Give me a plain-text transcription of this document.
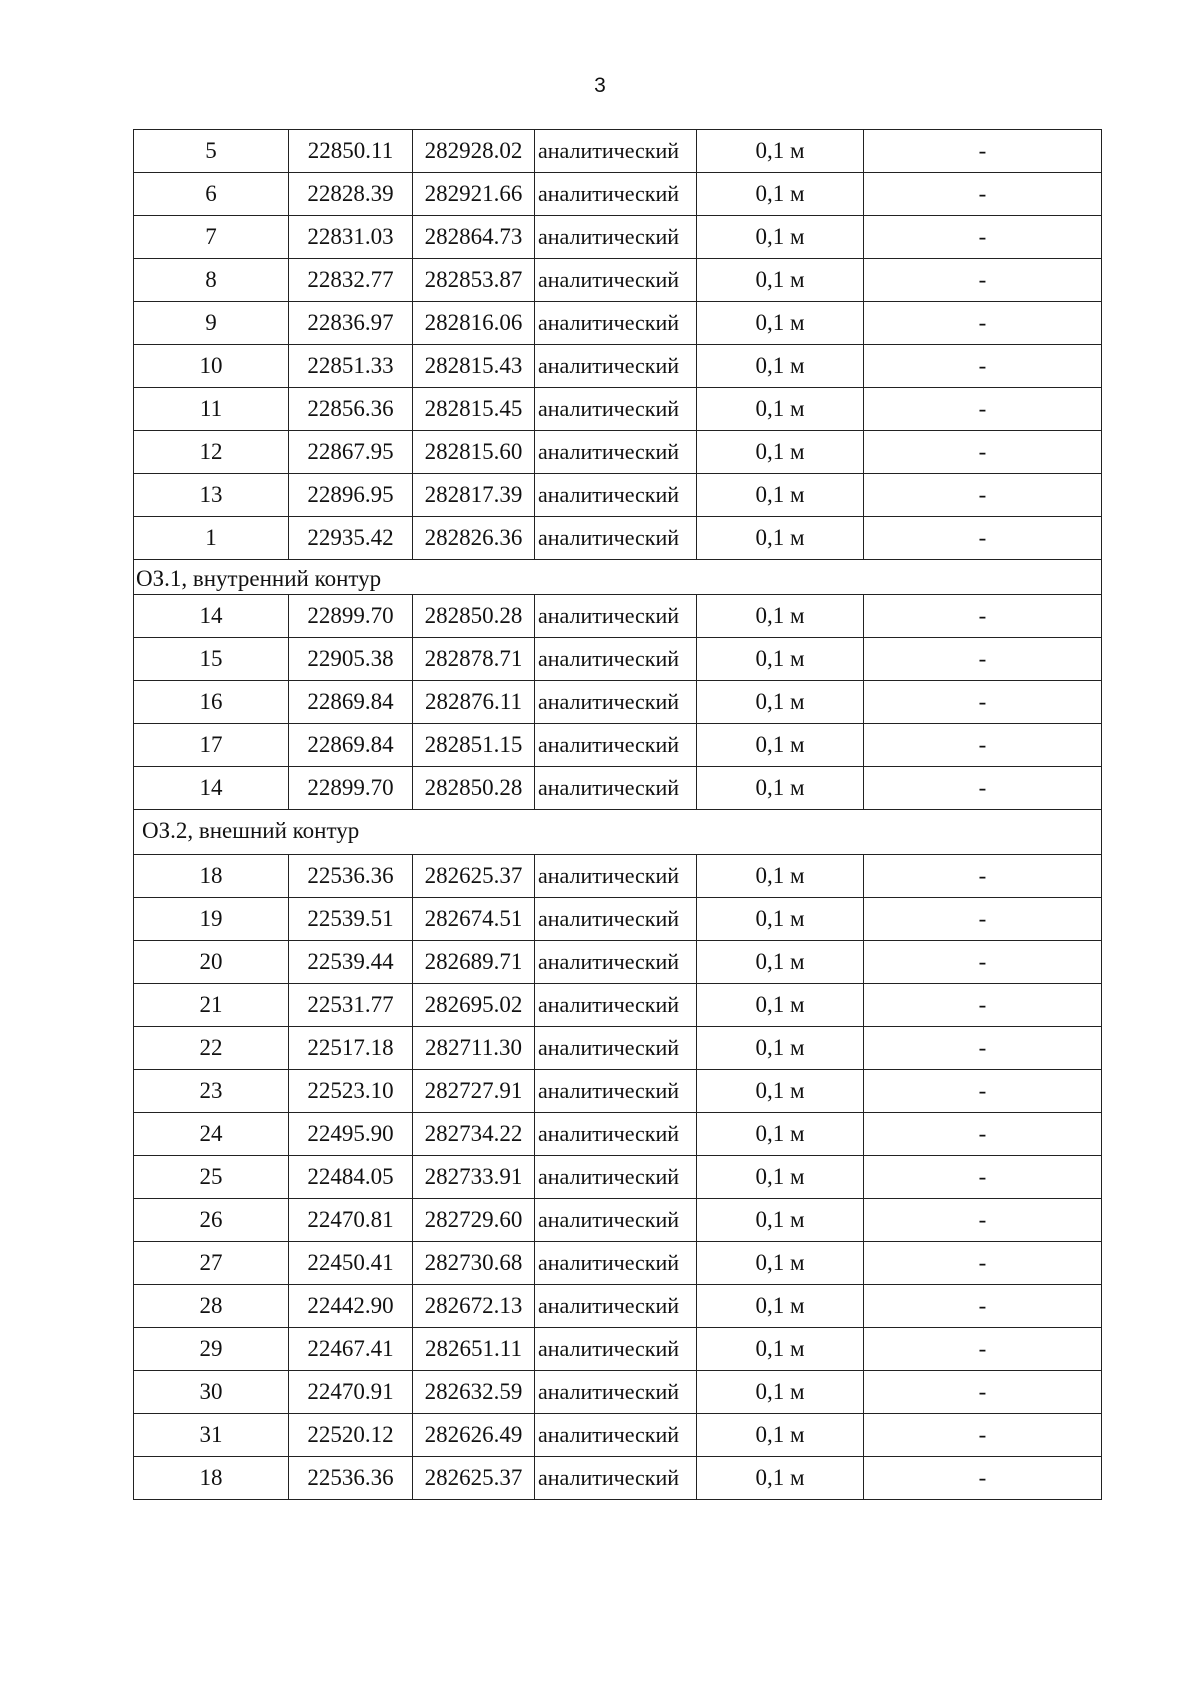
3
5	22850.11	282928.02	аналитический	0,1 м	-
6	22828.39	282921.66	аналитический	0,1 м	-
7	22831.03	282864.73	аналитический	0,1 м	-
8	22832.77	282853.87	аналитический	0,1 м	-
9	22836.97	282816.06	аналитический	0,1 м	-
10	22851.33	282815.43	аналитический	0,1 м	-
11	22856.36	282815.45	аналитический	0,1 м	-
12	22867.95	282815.60	аналитический	0,1 м	-
13	22896.95	282817.39	аналитический	0,1 м	-
1	22935.42	282826.36	аналитический	0,1 м	-
ОЗ.1, внутренний контур					
14	22899.70	282850.28	аналитический	0,1 м	-
15	22905.38	282878.71	аналитический	0,1 м	-
16	22869.84	282876.11	аналитический	0,1 м	-
17	22869.84	282851.15	аналитический	0,1 м	-
14	22899.70	282850.28	аналитический	0,1 м	-
ОЗ.2, внешний контур					
18	22536.36	282625.37	аналитический	0,1 м	-
19	22539.51	282674.51	аналитический	0,1 м	-
20	22539.44	282689.71	аналитический	0,1 м	-
21	22531.77	282695.02	аналитический	0,1 м	-
22	22517.18	282711.30	аналитический	0,1 м	-
23	22523.10	282727.91	аналитический	0,1 м	-
24	22495.90	282734.22	аналитический	0,1 м	-
25	22484.05	282733.91	аналитический	0,1 м	-
26	22470.81	282729.60	аналитический	0,1 м	-
27	22450.41	282730.68	аналитический	0,1 м	-
28	22442.90	282672.13	аналитический	0,1 м	-
29	22467.41	282651.11	аналитический	0,1 м	-
30	22470.91	282632.59	аналитический	0,1 м	-
31	22520.12	282626.49	аналитический	0,1 м	-
18	22536.36	282625.37	аналитический	0,1 м	-
